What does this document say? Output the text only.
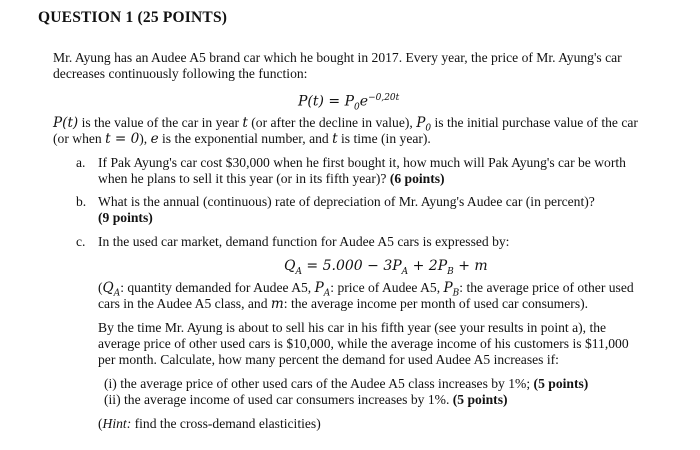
QUESTION 1 (25 POINTS)
Mr. Ayung has an Audee A5 brand car which he bought in 2017. Every year, the price of Mr. Ayung's car
decreases continuously following the function:
$P(t) = P_0e^{-0,20t}$
P(t) is the value of the car in year t (or after the decline in value), $P_0$ is the initial purchase value of the car
(or when t = 0), e is the exponential number, and t is time (in year).
a. If Pak Ayung's car cost $30,000 when he first bought it, how much will Pak Ayung's car be worth
when he plans to sell it this year (or in its fifth year)? (6 points)
b. What is the annual (continuous) rate of depreciation of Mr. Ayung's Audee car (in percent)?
(9 points)
c. In the used car market, demand function for Audee A5 cars is expressed by:
$Q_A = 5.000 - 3P_A + 2P_B + m$
($Q_A$: quantity demanded for Audee A5, $P_A$: price of Audee A5, $P_B$: the average price of other used
cars in the Audee A5 class, and m: the average income per month of used car consumers).
By the time Mr. Ayung is about to sell his car in his fifth year (see your results in point a), the
average price of other used cars is $10,000, while the average income of his customers is $11,000
per month. Calculate, how many percent the demand for used Audee A5 increases if:
(i) the average price of other used cars of the Audee A5 class increases by 1%; (5 points)
(ii) the average income of used car consumers increases by 1%. (5 points)
(Hint: find the cross-demand elasticities)
